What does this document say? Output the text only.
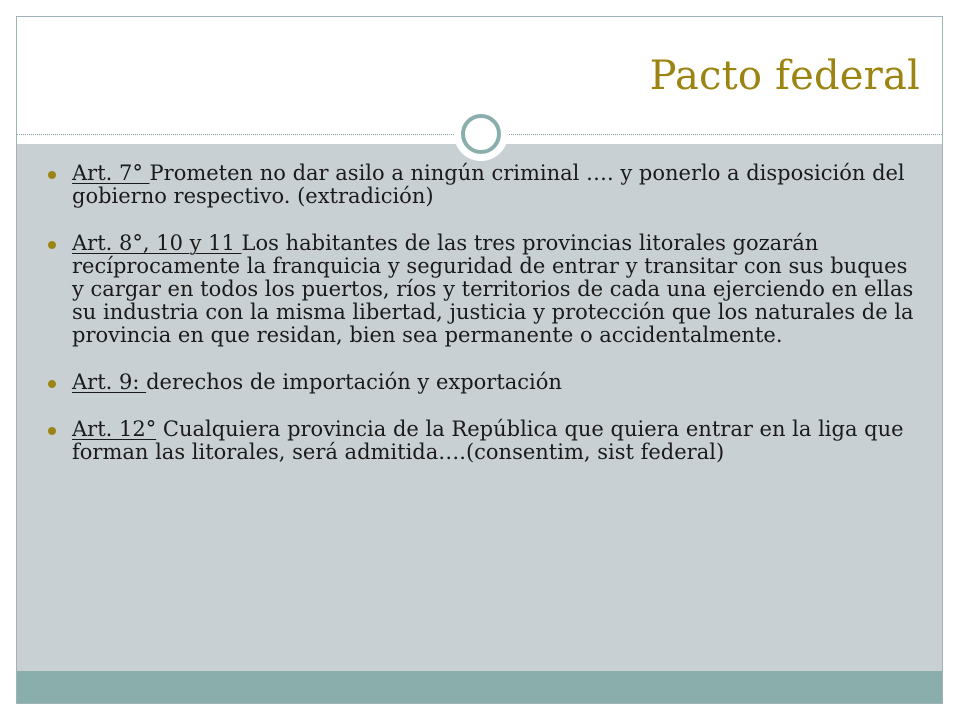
Pacto federal
Art. 7° Prometen no dar asilo a ningún criminal …. y ponerlo a disposición del gobierno respectivo. (extradición)
Art. 8°, 10 y 11 Los habitantes de las tres provincias litorales gozarán recíprocamente la franquicia y seguridad de entrar y transitar con sus buques y cargar en todos los puertos, ríos y territorios de cada una ejerciendo en ellas su industria con la misma libertad, justicia y protección que los naturales de la provincia en que residan, bien sea permanente o accidentalmente.
Art. 9: derechos de importación y exportación
Art. 12° Cualquiera provincia de la República que quiera entrar en la liga que forman las litorales, será admitida….(consentim, sist federal)
